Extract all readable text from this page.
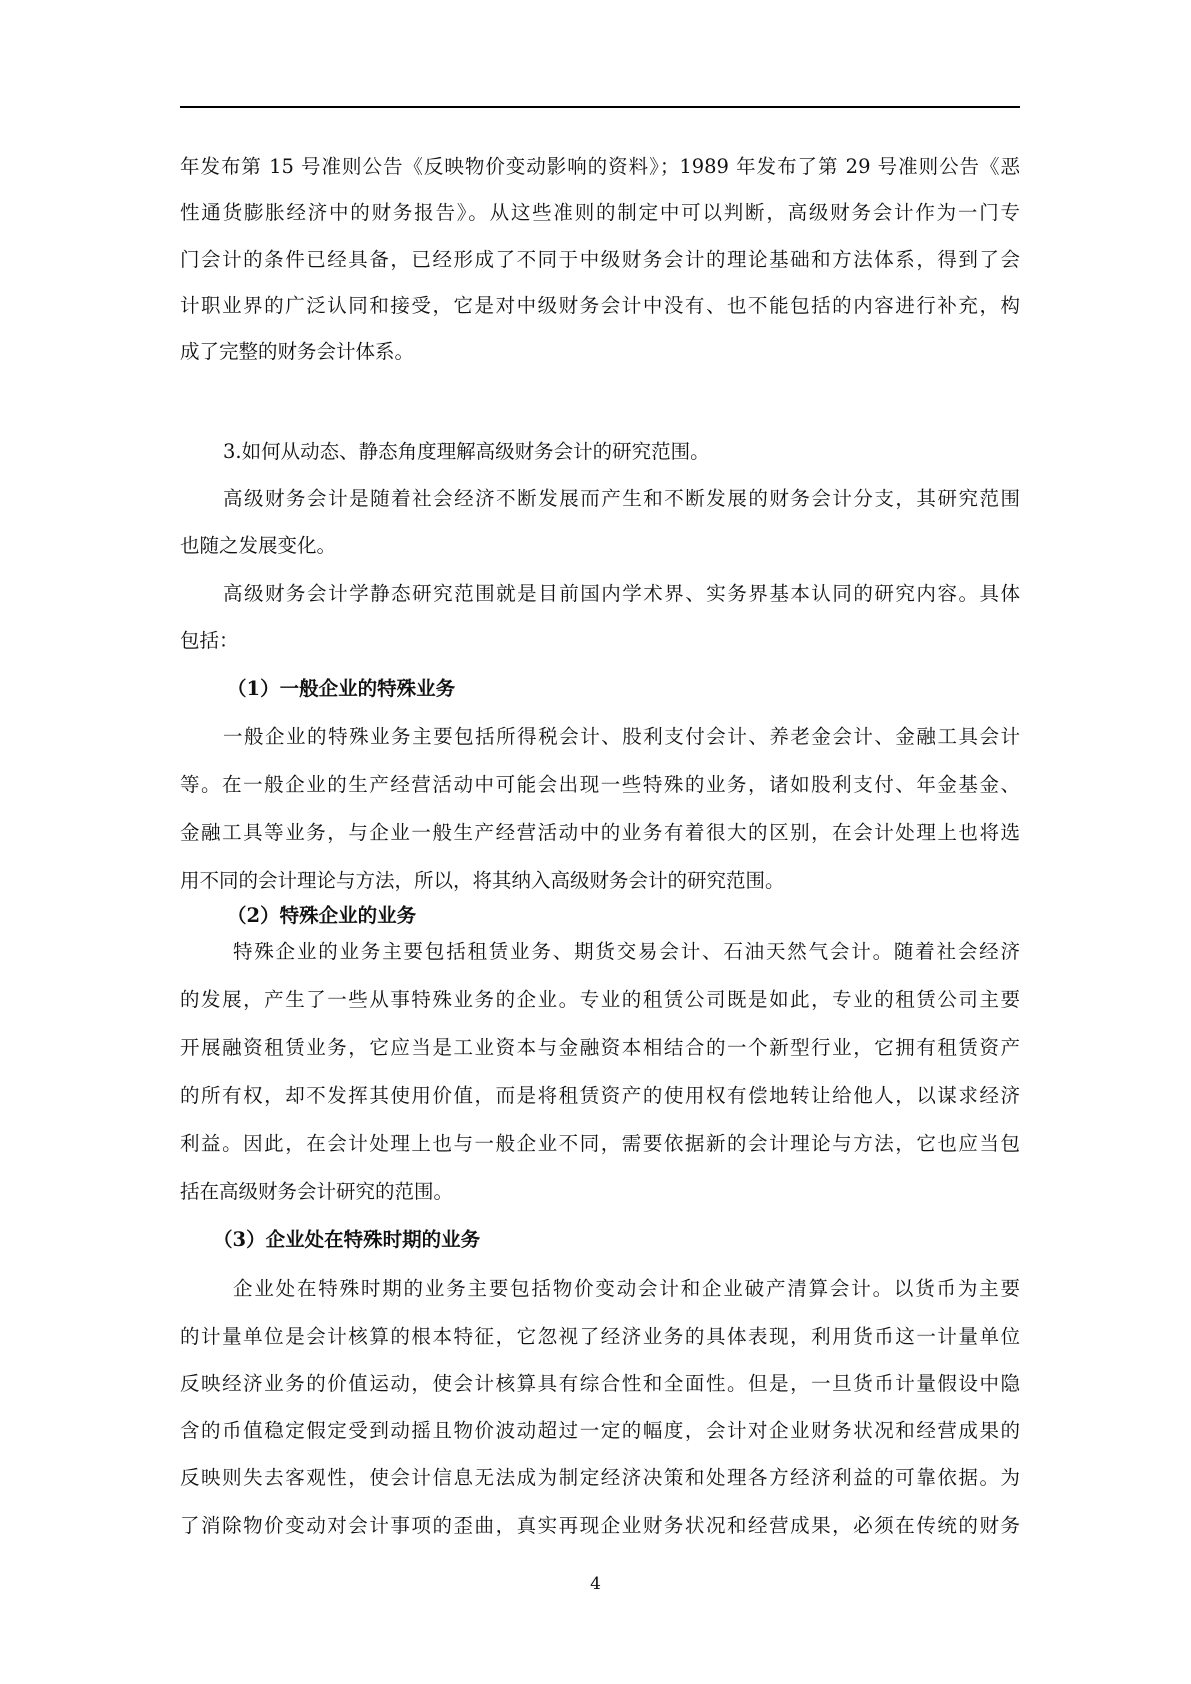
年发布第 15 号准则公告《反映物价变动影响的资料》；1989 年发布了第 29 号准则公告《恶
性通货膨胀经济中的财务报告》。从这些准则的制定中可以判断，高级财务会计作为一门专
门会计的条件已经具备，已经形成了不同于中级财务会计的理论基础和方法体系，得到了会
计职业界的广泛认同和接受，它是对中级财务会计中没有、也不能包括的内容进行补充，构
成了完整的财务会计体系。
3.如何从动态、静态角度理解高级财务会计的研究范围。
高级财务会计是随着社会经济不断发展而产生和不断发展的财务会计分支，其研究范围
也随之发展变化。
高级财务会计学静态研究范围就是目前国内学术界、实务界基本认同的研究内容。具体
包括：
（1）一般企业的特殊业务
一般企业的特殊业务主要包括所得税会计、股利支付会计、养老金会计、金融工具会计
等。在一般企业的生产经营活动中可能会出现一些特殊的业务，诸如股利支付、年金基金、
金融工具等业务，与企业一般生产经营活动中的业务有着很大的区别，在会计处理上也将选
用不同的会计理论与方法，所以，将其纳入高级财务会计的研究范围。
（2）特殊企业的业务
特殊企业的业务主要包括租赁业务、期货交易会计、石油天然气会计。随着社会经济
的发展，产生了一些从事特殊业务的企业。专业的租赁公司既是如此，专业的租赁公司主要
开展融资租赁业务，它应当是工业资本与金融资本相结合的一个新型行业，它拥有租赁资产
的所有权，却不发挥其使用价值，而是将租赁资产的使用权有偿地转让给他人，以谋求经济
利益。因此，在会计处理上也与一般企业不同，需要依据新的会计理论与方法，它也应当包
括在高级财务会计研究的范围。
（3）企业处在特殊时期的业务
企业处在特殊时期的业务主要包括物价变动会计和企业破产清算会计。以货币为主要
的计量单位是会计核算的根本特征，它忽视了经济业务的具体表现，利用货币这一计量单位
反映经济业务的价值运动，使会计核算具有综合性和全面性。但是，一旦货币计量假设中隐
含的币值稳定假定受到动摇且物价波动超过一定的幅度，会计对企业财务状况和经营成果的
反映则失去客观性，使会计信息无法成为制定经济决策和处理各方经济利益的可靠依据。为
了消除物价变动对会计事项的歪曲，真实再现企业财务状况和经营成果，必须在传统的财务
4
